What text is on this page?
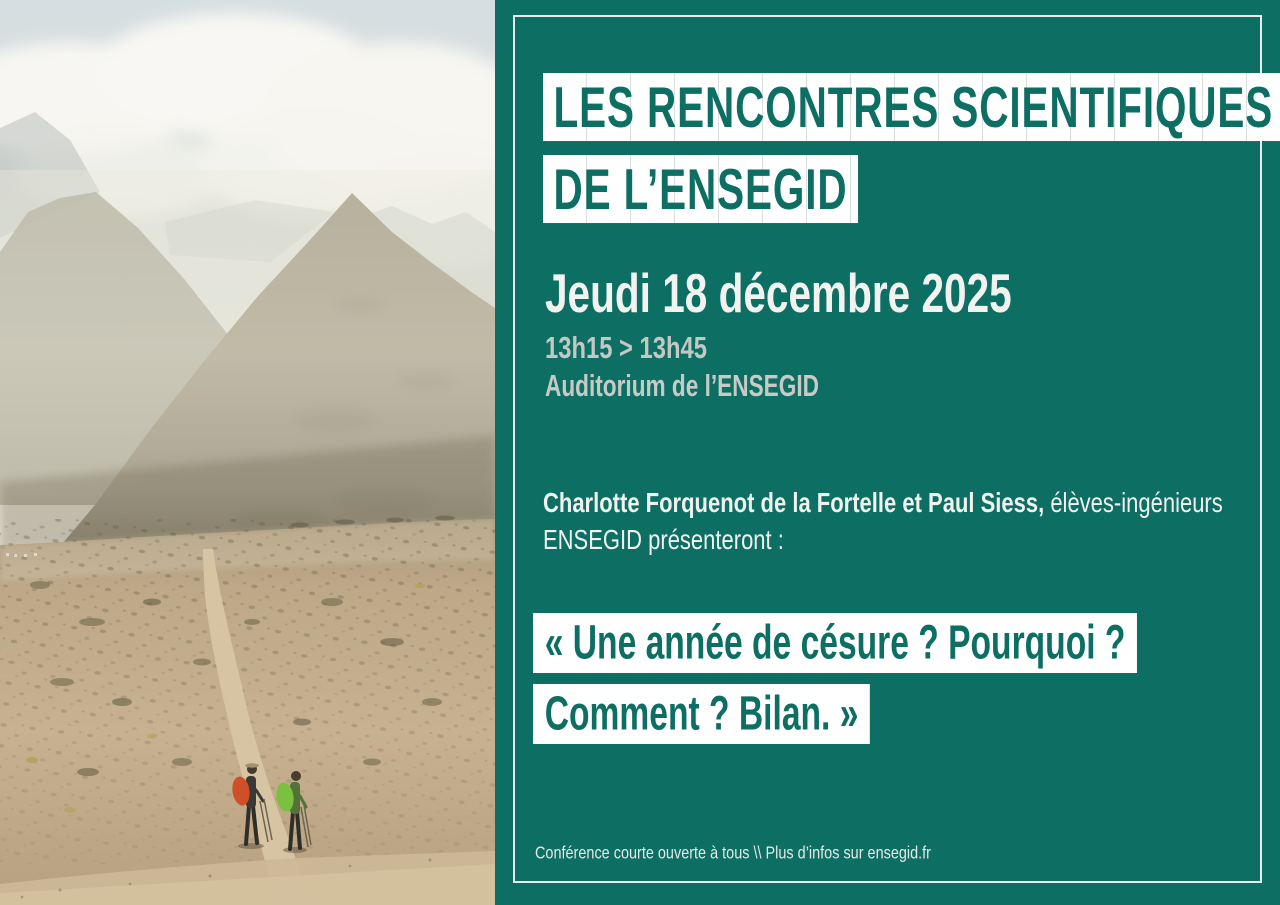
LES RENCONTRES SCIENTIFIQUES
DE L’ENSEGID
Jeudi 18 décembre 2025
13h15 > 13h45
Auditorium de l’ENSEGID
Charlotte Forquenot de la Fortelle et Paul Siess, élèves-ingénieurs ENSEGID présenteront :
« Une année de césure ? Pourquoi ?
Comment ? Bilan. »
Conférence courte ouverte à tous \\ Plus d’infos sur ensegid.fr
